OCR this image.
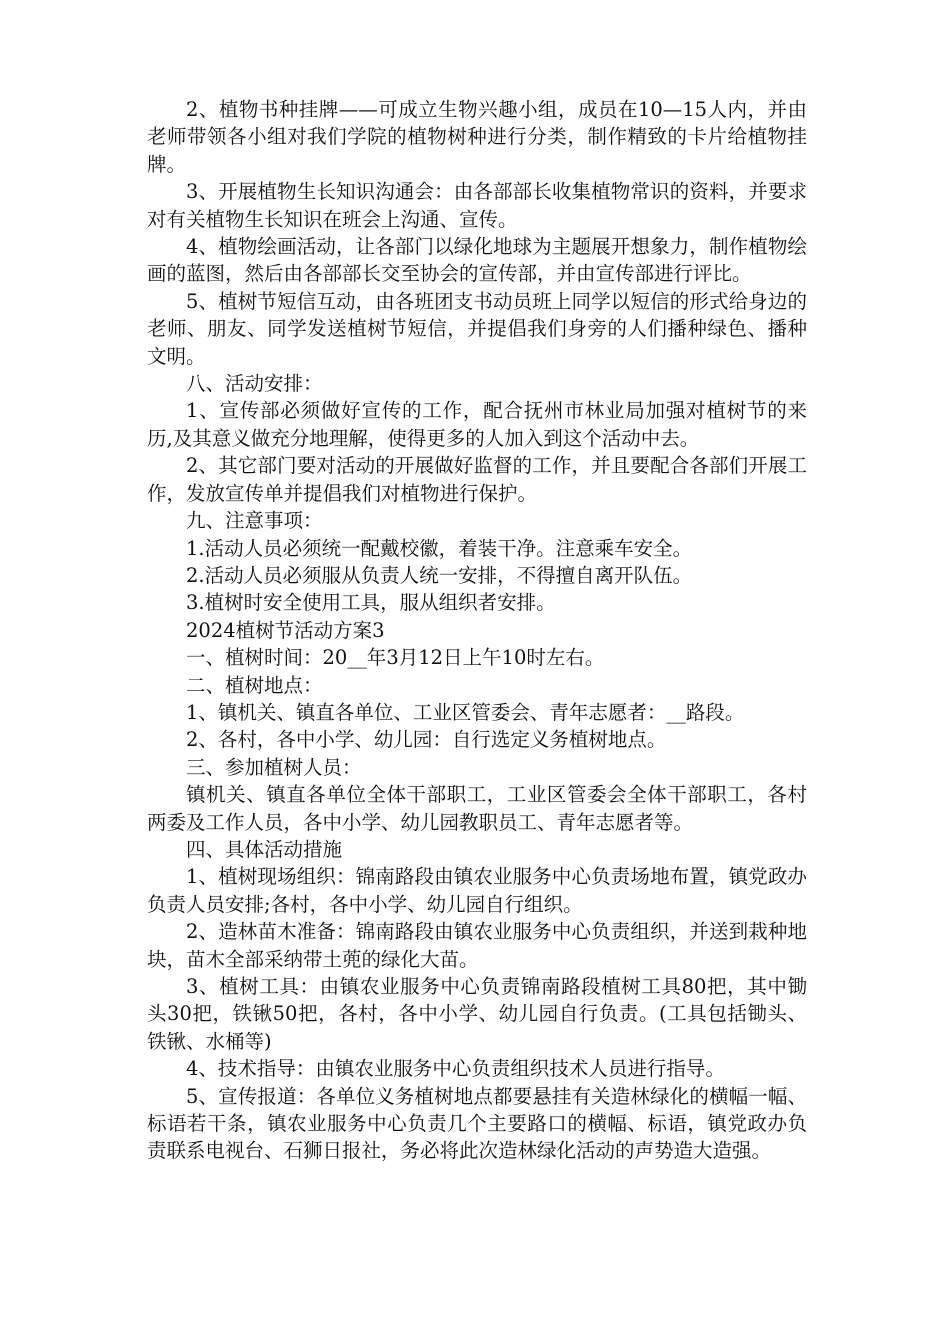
2、植物书种挂牌——可成立生物兴趣小组，成员在10—15人内，并由老师带领各小组对我们学院的植物树种进行分类，制作精致的卡片给植物挂牌。

3、开展植物生长知识沟通会：由各部部长收集植物常识的资料，并要求对有关植物生长知识在班会上沟通、宣传。

4、植物绘画活动，让各部门以绿化地球为主题展开想象力，制作植物绘画的蓝图，然后由各部部长交至协会的宣传部，并由宣传部进行评比。

5、植树节短信互动，由各班团支书动员班上同学以短信的形式给身边的老师、朋友、同学发送植树节短信，并提倡我们身旁的人们播种绿色、播种文明。

八、活动安排：

1、宣传部必须做好宣传的工作，配合抚州市林业局加强对植树节的来历,及其意义做充分地理解，使得更多的人加入到这个活动中去。

2、其它部门要对活动的开展做好监督的工作，并且要配合各部们开展工作，发放宣传单并提倡我们对植物进行保护。

九、注意事项：

1.活动人员必须统一配戴校徽，着装干净。注意乘车安全。

2.活动人员必须服从负责人统一安排，不得擅自离开队伍。

3.植树时安全使用工具，服从组织者安排。

2024植树节活动方案3

一、植树时间：20__年3月12日上午10时左右。

二、植树地点：

1、镇机关、镇直各单位、工业区管委会、青年志愿者：__路段。

2、各村，各中小学、幼儿园：自行选定义务植树地点。

三、参加植树人员：

镇机关、镇直各单位全体干部职工，工业区管委会全体干部职工，各村两委及工作人员，各中小学、幼儿园教职员工、青年志愿者等。

四、具体活动措施

1、植树现场组织：锦南路段由镇农业服务中心负责场地布置，镇党政办负责人员安排;各村，各中小学、幼儿园自行组织。

2、造林苗木准备：锦南路段由镇农业服务中心负责组织，并送到栽种地块，苗木全部采纳带土蔸的绿化大苗。

3、植树工具：由镇农业服务中心负责锦南路段植树工具80把，其中锄头30把，铁锹50把，各村，各中小学、幼儿园自行负责。(工具包括锄头、铁锹、水桶等)

4、技术指导：由镇农业服务中心负责组织技术人员进行指导。

5、宣传报道：各单位义务植树地点都要悬挂有关造林绿化的横幅一幅、标语若干条，镇农业服务中心负责几个主要路口的横幅、标语，镇党政办负责联系电视台、石狮日报社，务必将此次造林绿化活动的声势造大造强。
